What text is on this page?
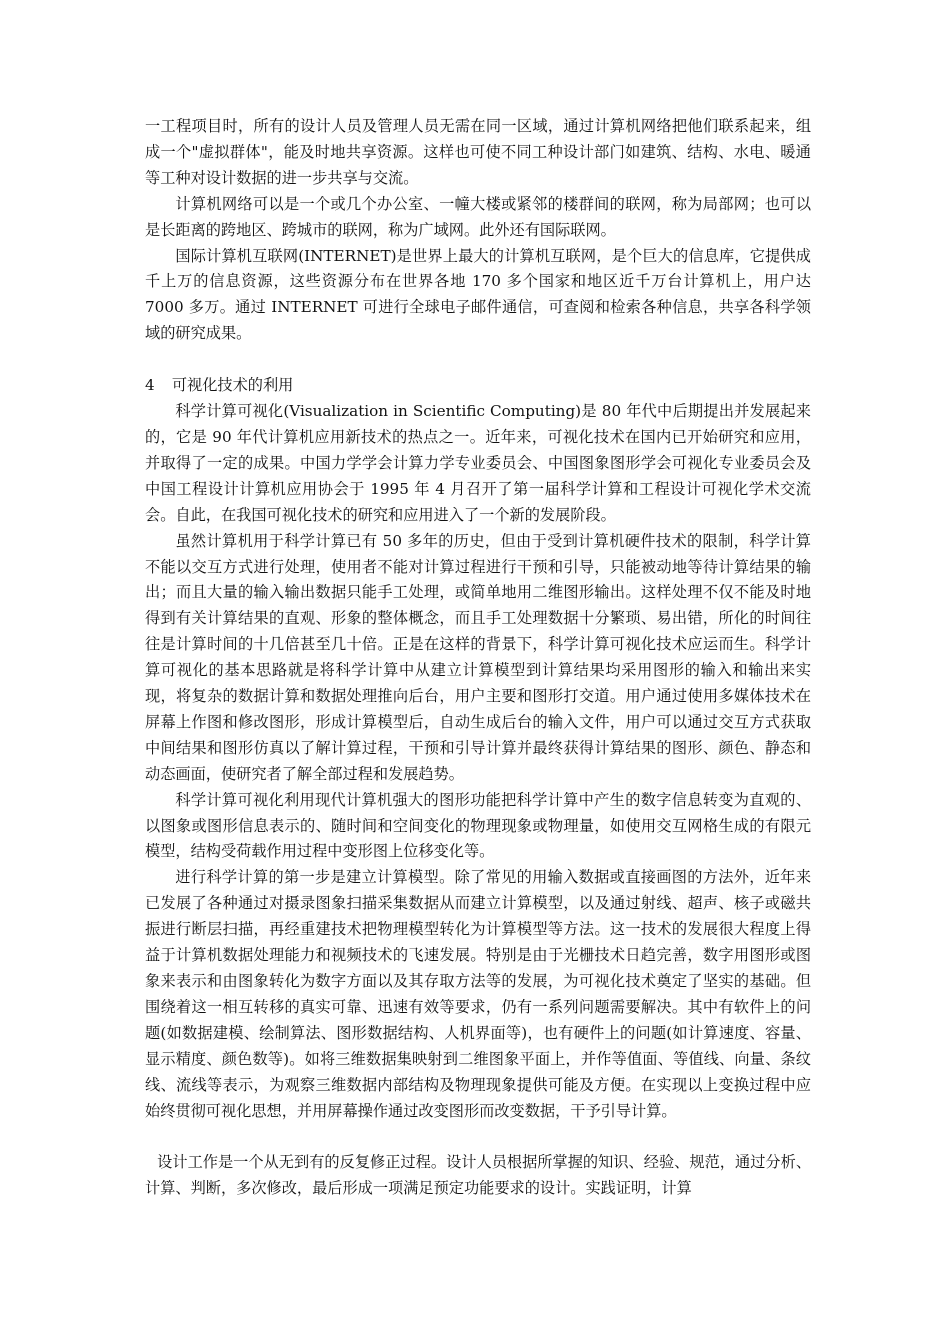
一工程项目时，所有的设计人员及管理人员无需在同一区域，通过计算机网络把他们联系起来，组成一个"虚拟群体"，能及时地共享资源。这样也可使不同工种设计部门如建筑、结构、水电、暖通等工种对设计数据的进一步共享与交流。

计算机网络可以是一个或几个办公室、一幢大楼或紧邻的楼群间的联网，称为局部网；也可以是长距离的跨地区、跨城市的联网，称为广域网。此外还有国际联网。

国际计算机互联网(INTERNET)是世界上最大的计算机互联网，是个巨大的信息库，它提供成千上万的信息资源，这些资源分布在世界各地 170 多个国家和地区近千万台计算机上，用户达 7000 多万。通过 INTERNET 可进行全球电子邮件通信，可查阅和检索各种信息，共享各科学领域的研究成果。

4 可视化技术的利用

科学计算可视化(Visualization in Scientific Computing)是 80 年代中后期提出并发展起来的，它是 90 年代计算机应用新技术的热点之一。近年来，可视化技术在国内已开始研究和应用，并取得了一定的成果。中国力学学会计算力学专业委员会、中国图象图形学会可视化专业委员会及中国工程设计计算机应用协会于 1995 年 4 月召开了第一届科学计算和工程设计可视化学术交流会。自此，在我国可视化技术的研究和应用进入了一个新的发展阶段。

虽然计算机用于科学计算已有 50 多年的历史，但由于受到计算机硬件技术的限制，科学计算不能以交互方式进行处理，使用者不能对计算过程进行干预和引导，只能被动地等待计算结果的输出；而且大量的输入输出数据只能手工处理，或简单地用二维图形输出。这样处理不仅不能及时地得到有关计算结果的直观、形象的整体概念，而且手工处理数据十分繁琐、易出错，所化的时间往往是计算时间的十几倍甚至几十倍。正是在这样的背景下，科学计算可视化技术应运而生。科学计算可视化的基本思路就是将科学计算中从建立计算模型到计算结果均采用图形的输入和输出来实现，将复杂的数据计算和数据处理推向后台，用户主要和图形打交道。用户通过使用多媒体技术在屏幕上作图和修改图形，形成计算模型后，自动生成后台的输入文件，用户可以通过交互方式获取中间结果和图形仿真以了解计算过程，干预和引导计算并最终获得计算结果的图形、颜色、静态和动态画面，使研究者了解全部过程和发展趋势。

科学计算可视化利用现代计算机强大的图形功能把科学计算中产生的数字信息转变为直观的、以图象或图形信息表示的、随时间和空间变化的物理现象或物理量，如使用交互网格生成的有限元模型，结构受荷载作用过程中变形图上位移变化等。

进行科学计算的第一步是建立计算模型。除了常见的用输入数据或直接画图的方法外，近年来已发展了各种通过对摄录图象扫描采集数据从而建立计算模型，以及通过射线、超声、核子或磁共振进行断层扫描，再经重建技术把物理模型转化为计算模型等方法。这一技术的发展很大程度上得益于计算机数据处理能力和视频技术的飞速发展。特别是由于光栅技术日趋完善，数字用图形或图象来表示和由图象转化为数字方面以及其存取方法等的发展，为可视化技术奠定了坚实的基础。但围绕着这一相互转移的真实可靠、迅速有效等要求，仍有一系列问题需要解决。其中有软件上的问题(如数据建模、绘制算法、图形数据结构、人机界面等)，也有硬件上的问题(如计算速度、容量、显示精度、颜色数等)。如将三维数据集映射到二维图象平面上，并作等值面、等值线、向量、条纹线、流线等表示，为观察三维数据内部结构及物理现象提供可能及方便。在实现以上变换过程中应始终贯彻可视化思想，并用屏幕操作通过改变图形而改变数据，干予引导计算。

设计工作是一个从无到有的反复修正过程。设计人员根据所掌握的知识、经验、规范，通过分析、计算、判断，多次修改，最后形成一项满足预定功能要求的设计。实践证明，计算
